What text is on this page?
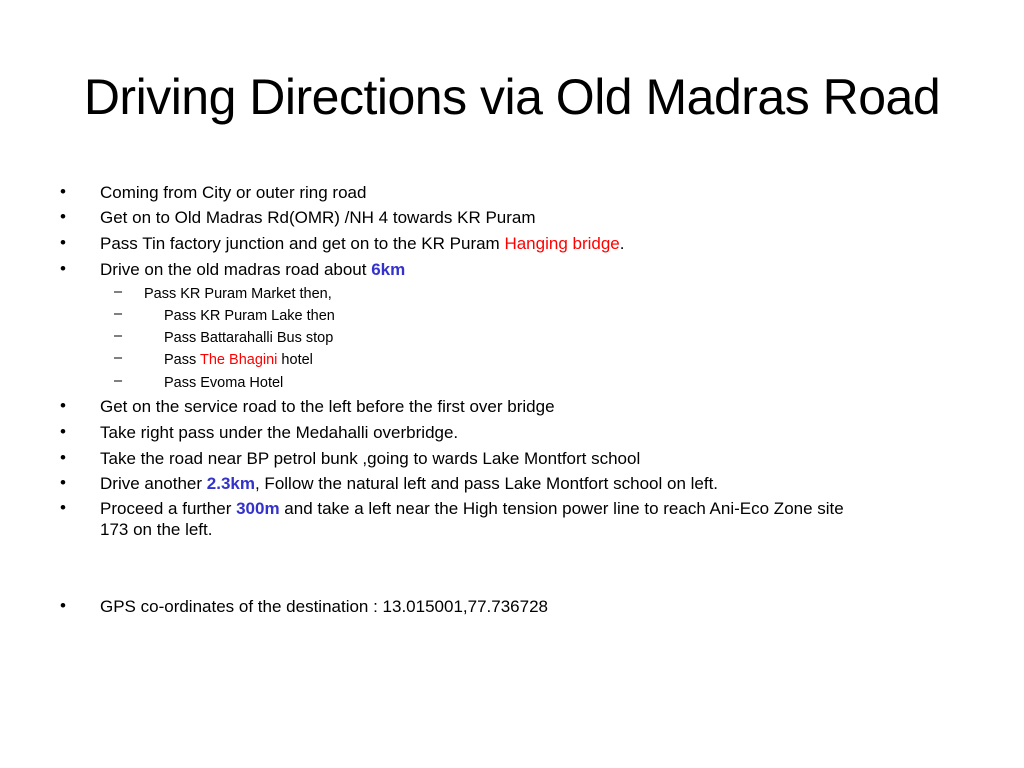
Driving Directions via Old Madras Road
• Coming from City or outer ring road
• Get on to Old Madras Rd(OMR) /NH 4 towards KR Puram
• Pass Tin factory junction and get on to the KR Puram Hanging bridge.
• Drive on the old madras road about 6km
– Pass KR Puram Market then,
–	Pass KR Puram Lake then
–	Pass Battarahalli Bus stop
–	Pass The Bhagini hotel
–	Pass Evoma Hotel
• Get on the service road to the left before the first over bridge
• Take right pass under the Medahalli overbridge.
• Take the road near BP petrol bunk ,going to wards Lake Montfort school
• Drive another 2.3km, Follow the natural left and pass Lake Montfort school on left.
• Proceed a further 300m and take a left near the High tension power line to reach Ani-Eco Zone site
173 on the left.
• GPS co-ordinates of the destination : 13.015001,77.736728
